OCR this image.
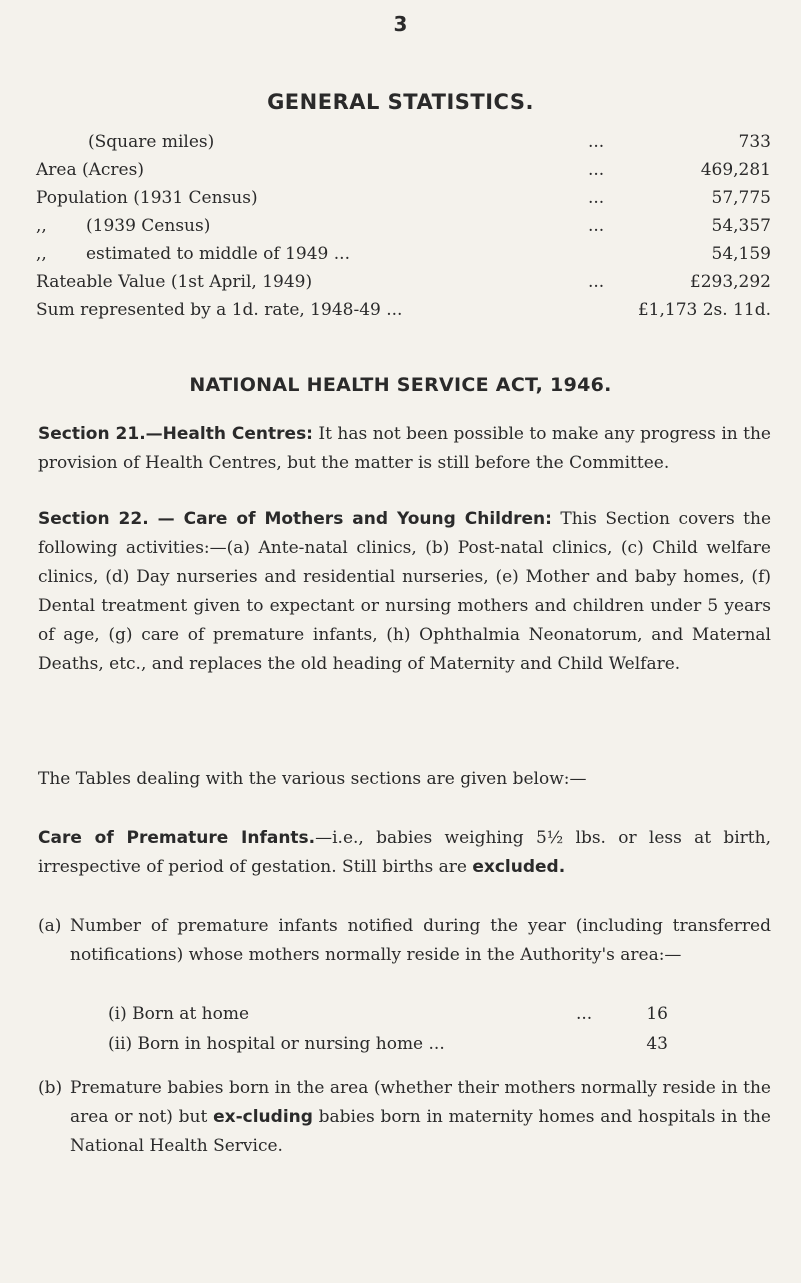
3
GENERAL STATISTICS.
(Square miles)	...	733
Area (Acres)	...	469,281
Population (1931 Census)	...	57,775
,, (1939 Census)	...	54,357
,, estimated to middle of 1949 ...	54,159
Rateable Value (1st April, 1949)	...	£293,292
Sum represented by a 1d. rate, 1948-49 ...	£1,173 2s. 11d.
NATIONAL HEALTH SERVICE ACT, 1946.

Section 21.—Health Centres: It has not been possible to make any progress in the provision of Health Centres, but the matter is still before the Committee.

Section 22. — Care of Mothers and Young Children: This Section covers the following activities:—(a) Ante-natal clinics, (b) Post-natal clinics, (c) Child welfare clinics, (d) Day nurseries and residential nurseries, (e) Mother and baby homes, (f) Dental treatment given to expectant or nursing mothers and children under 5 years of age, (g) care of premature infants, (h) Ophthalmia Neonatorum, and Maternal Deaths, etc., and replaces the old heading of Maternity and Child Welfare.

The Tables dealing with the various sections are given below:—

Care of Premature Infants.—i.e., babies weighing 5½ lbs. or less at birth, irrespective of period of gestation. Still births are excluded.

(a) Number of premature infants notified during the year (including transferred notifications) whose mothers normally reside in the Authority's area:—
(i) Born at home	...	16
(ii) Born in hospital or nursing home ...	43
(b) Premature babies born in the area (whether their mothers normally reside in the area or not) but ex-cluding babies born in maternity homes and hospitals in the National Health Service.
